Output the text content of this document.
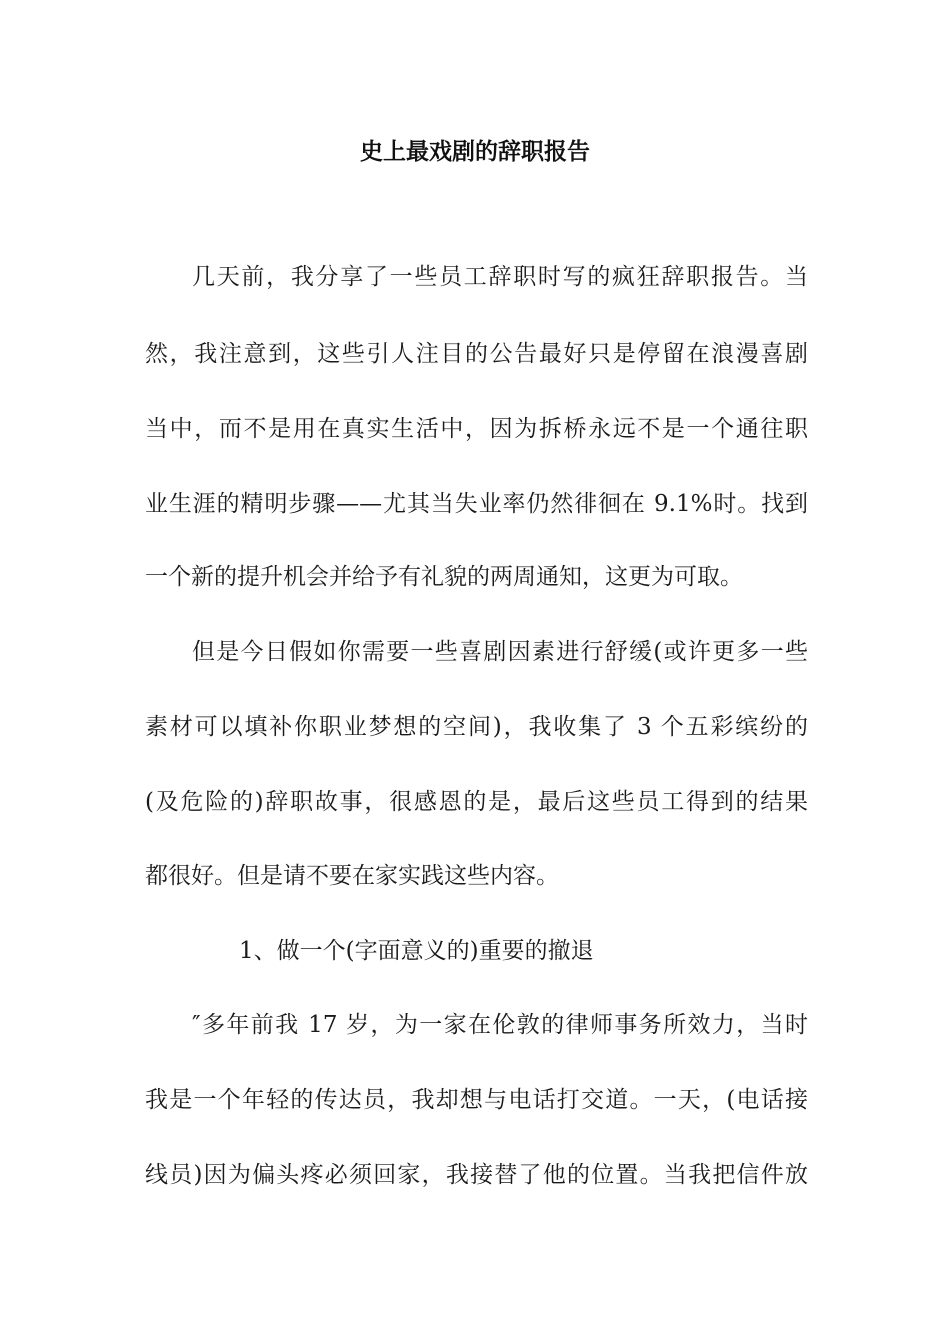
史上最戏剧的辞职报告
几天前，我分享了一些员工辞职时写的疯狂辞职报告。当
然，我注意到，这些引人注目的公告最好只是停留在浪漫喜剧
当中，而不是用在真实生活中，因为拆桥永远不是一个通往职
业生涯的精明步骤——尤其当失业率仍然徘徊在 9.1%时。找到
一个新的提升机会并给予有礼貌的两周通知，这更为可取。
但是今日假如你需要一些喜剧因素进行舒缓(或许更多一些
素材可以填补你职业梦想的空间)，我收集了 3 个五彩缤纷的
(及危险的)辞职故事，很感恩的是，最后这些员工得到的结果
都很好。但是请不要在家实践这些内容。
1、做一个(字面意义的)重要的撤退
″多年前我 17 岁，为一家在伦敦的律师事务所效力，当时
我是一个年轻的传达员，我却想与电话打交道。一天，(电话接
线员)因为偏头疼必须回家，我接替了他的位置。当我把信件放
